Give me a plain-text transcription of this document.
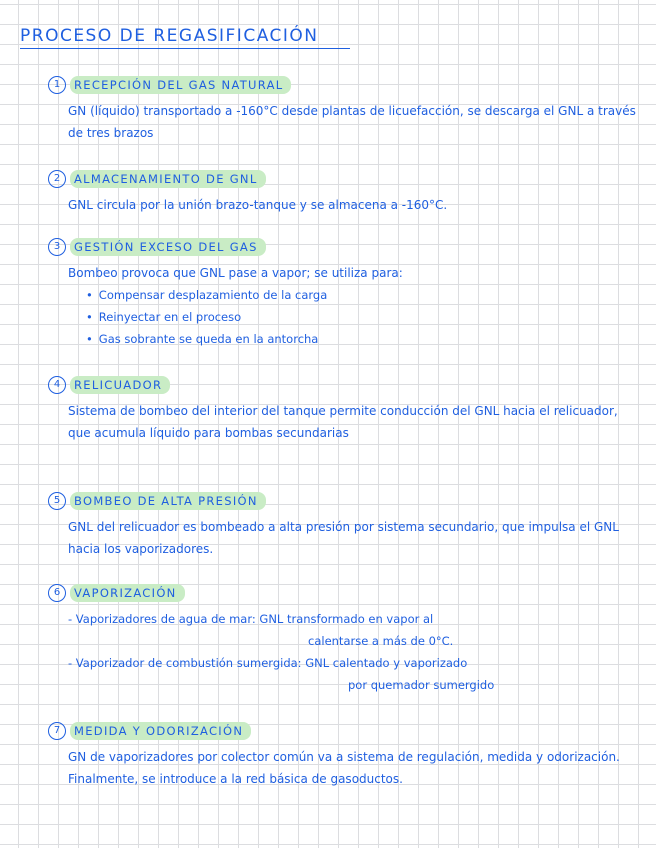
PROCESO DE REGASIFICACIÓN
1	RECEPCIÓN DEL GAS NATURAL
GN (líquido) transportado a -160°C desde plantas de licuefacción, se descarga el GNL a través de tres brazos
2	ALMACENAMIENTO DE GNL
GNL circula por la unión brazo-tanque y se almacena a -160°C.
3	GESTIÓN EXCESO DEL GAS
Bombeo provoca que GNL pase a vapor; se utiliza para:
• Compensar desplazamiento de la carga
• Reinyectar en el proceso
• Gas sobrante se queda en la antorcha
4	RELICUADOR
Sistema de bombeo del interior del tanque permite conducción del GNL hacia el relicuador, que acumula líquido para bombas secundarias
5	BOMBEO DE ALTA PRESIÓN
GNL del relicuador es bombeado a alta presión por sistema secundario, que impulsa el GNL hacia los vaporizadores.
6	VAPORIZACIÓN
- Vaporizadores de agua de mar: GNL transformado en vapor al
calentarse a más de 0°C.
- Vaporizador de combustión sumergida: GNL calentado y vaporizado
por quemador sumergido
7	MEDIDA Y ODORIZACIÓN
GN de vaporizadores por colector común va a sistema de regulación, medida y odorización. Finalmente, se introduce a la red básica de gasoductos.
